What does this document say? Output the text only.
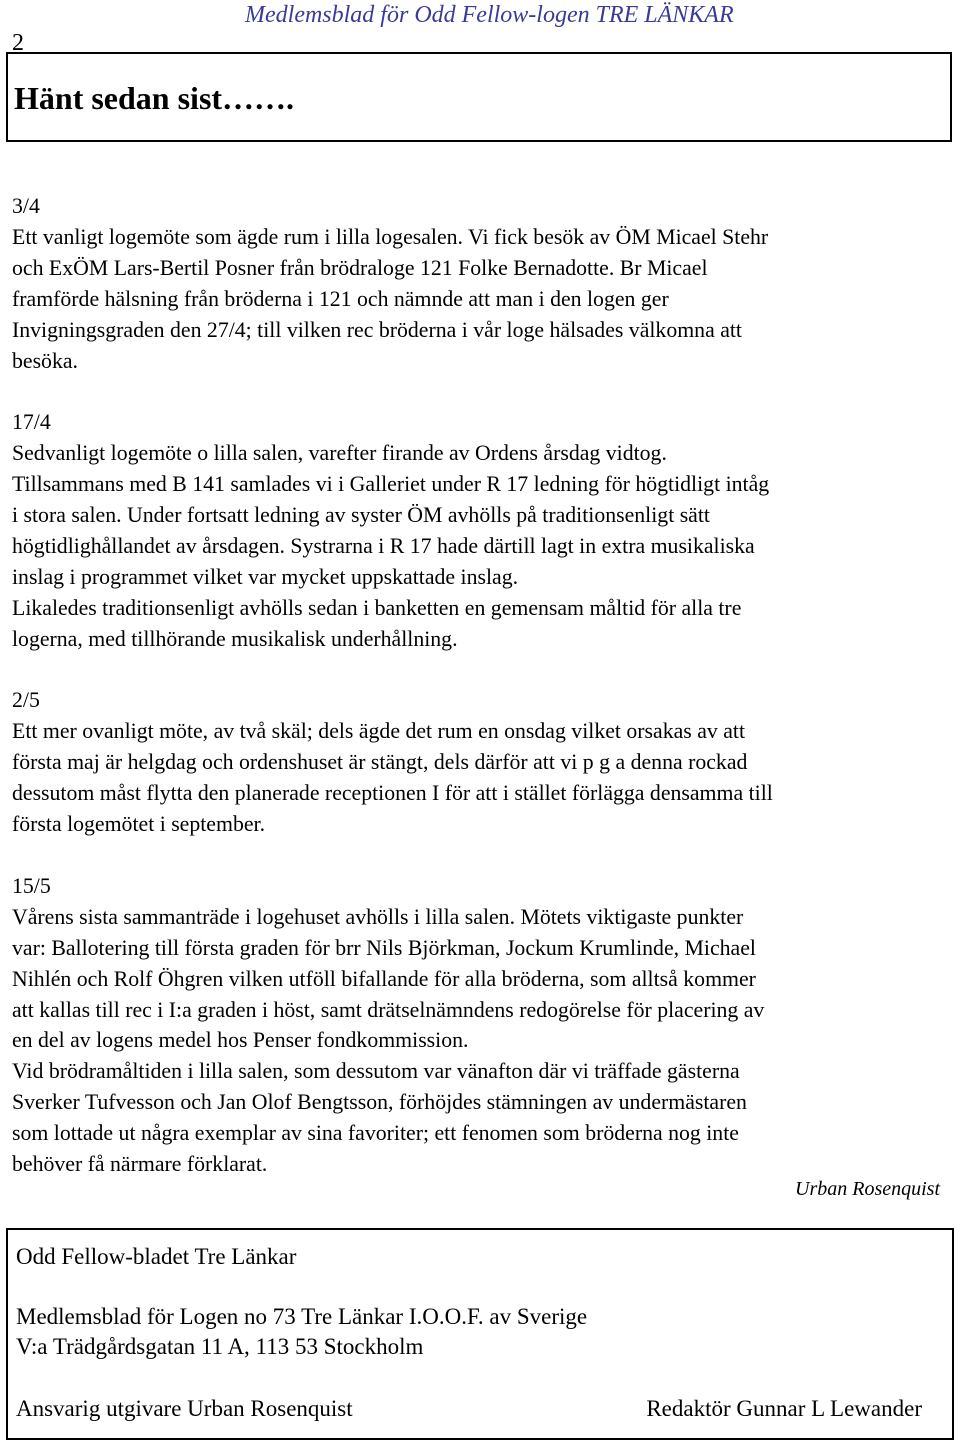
2
Medlemsblad för Odd Fellow-logen TRE LÄNKAR
Hänt sedan sist…….
3/4
Ett vanligt logemöte som ägde rum i lilla logesalen. Vi fick besök av ÖM Micael Stehr
och ExÖM Lars-Bertil Posner från brödraloge 121 Folke Bernadotte. Br Micael
framförde hälsning från bröderna i 121 och nämnde att man i den logen ger
Invigningsgraden den 27/4; till vilken rec bröderna i vår loge hälsades välkomna att
besöka.
17/4
Sedvanligt logemöte o lilla salen, varefter firande av Ordens årsdag vidtog.
Tillsammans med B 141 samlades vi i Galleriet under R 17 ledning för högtidligt intåg
i stora salen. Under fortsatt ledning av syster ÖM avhölls på traditionsenligt sätt
högtidlighållandet av årsdagen. Systrarna i R 17 hade därtill lagt in extra musikaliska
inslag i programmet vilket var mycket uppskattade inslag.
Likaledes traditionsenligt avhölls sedan i banketten en gemensam måltid för alla tre
logerna, med tillhörande musikalisk underhållning.
2/5
Ett mer ovanligt möte, av två skäl; dels ägde det rum en onsdag vilket orsakas av att
första maj är helgdag och ordenshuset är stängt, dels därför att vi p g a denna rockad
dessutom måst flytta den planerade receptionen I för att i stället förlägga densamma till
första logemötet i september.
15/5
Vårens sista sammanträde i logehuset avhölls i lilla salen. Mötets viktigaste punkter
var: Ballotering till första graden för brr Nils Björkman, Jockum Krumlinde, Michael
Nihlén och Rolf Öhgren vilken utföll bifallande för alla bröderna, som alltså kommer
att kallas till rec i I:a graden i höst, samt drätselnämndens redogörelse för placering av
en del av logens medel hos Penser fondkommission.
Vid brödramåltiden i lilla salen, som dessutom var vänafton där vi träffade gästerna
Sverker Tufvesson och Jan Olof Bengtsson, förhöjdes stämningen av undermästaren
som lottade ut några exemplar av sina favoriter; ett fenomen som bröderna nog inte
behöver få närmare förklarat.
Urban Rosenquist
Odd Fellow-bladet Tre Länkar
Medlemsblad för Logen no 73 Tre Länkar I.O.O.F. av Sverige
V:a Trädgårdsgatan 11 A, 113 53 Stockholm
Ansvarig utgivare Urban Rosenquist	Redaktör Gunnar L Lewander
